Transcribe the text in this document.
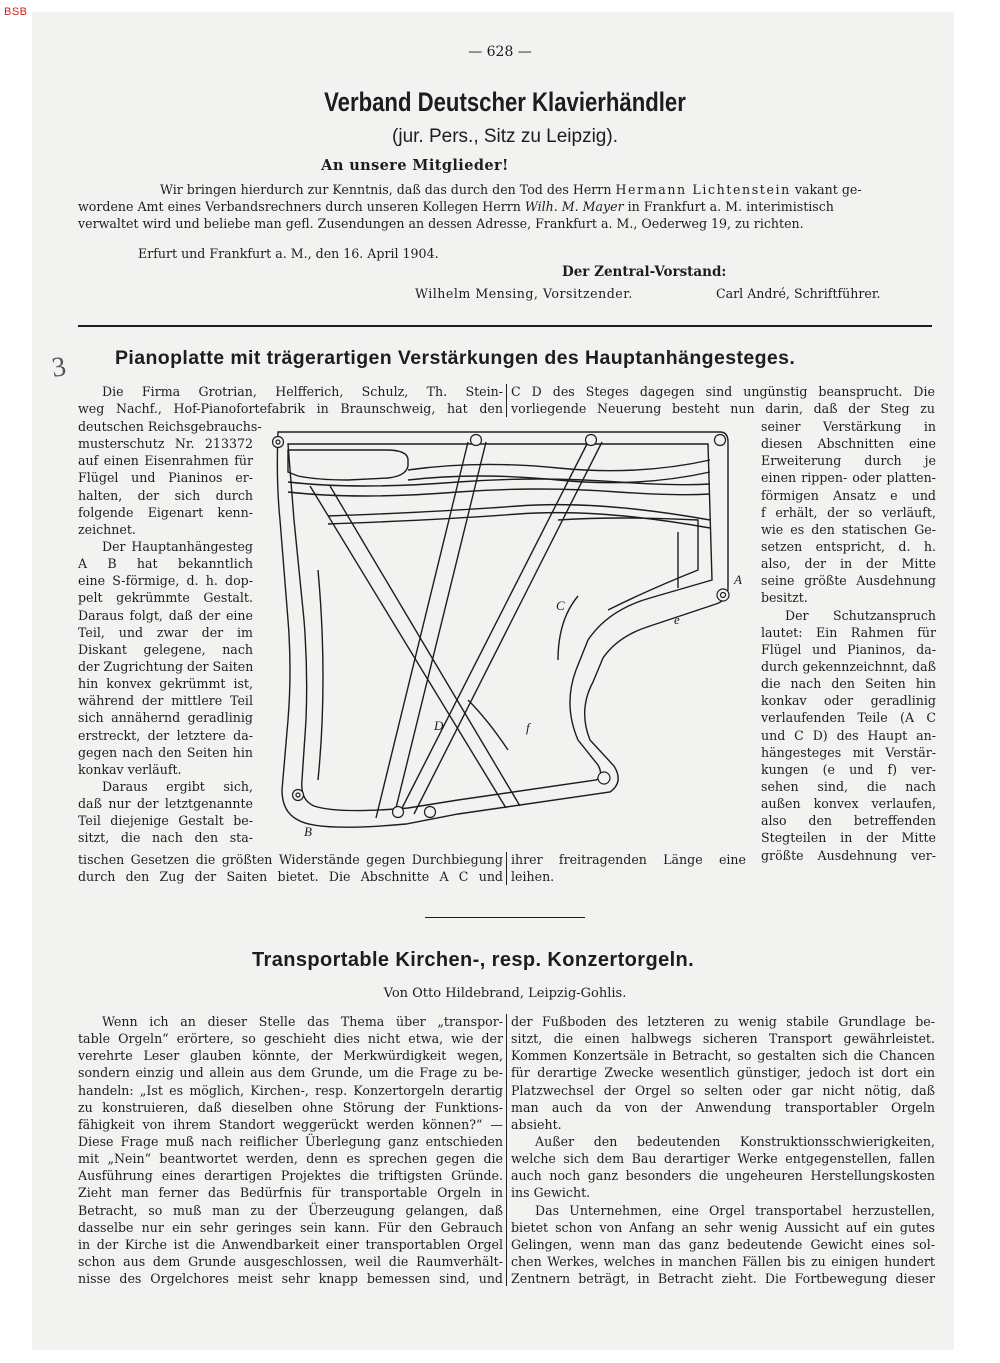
BSB
— 628 —
Verband Deutscher Klavierhändler
(jur. Pers., Sitz zu Leipzig).
An unsere Mitglieder!
Wir bringen hierdurch zur Kenntnis, daß das durch den Tod des Herrn Hermann Lichtenstein vakant ge-
wordene Amt eines Verbandsrechners durch unseren Kollegen Herrn Wilh. M. Mayer in Frankfurt a. M. interimistisch
verwaltet wird und beliebe man gefl. Zusendungen an dessen Adresse, Frankfurt a. M., Oederweg 19, zu richten.
Erfurt und Frankfurt a. M., den 16. April 1904.
Der Zentral-Vorstand:
Wilhelm Mensing, Vorsitzender.	Carl André, Schriftführer.
3 Pianoplatte mit trägerartigen Verstärkungen des Hauptanhängesteges.
Die Firma Grotrian, Helfferich, Schulz, Th. Stein-
weg Nachf., Hof-Pianofortefabrik in Braunschweig, hat den
C D des Steges dagegen sind ungünstig beansprucht. Die
vorliegende Neuerung besteht nun darin, daß der Steg zu
deutschen Reichsgebrauchs-
musterschutz Nr. 213372
auf einen Eisenrahmen für
Flügel und Pianinos er-
halten, der sich durch
folgende Eigenart kenn-
zeichnet.
Der Hauptanhängesteg
A B hat bekanntlich
eine S-förmige, d. h. dop-
pelt gekrümmte Gestalt.
Daraus folgt, daß der eine
Teil, und zwar der im
Diskant gelegene, nach
der Zugrichtung der Saiten
hin konvex gekrümmt ist,
während der mittlere Teil
sich annähernd geradlinig
erstreckt, der letztere da-
gegen nach den Seiten hin
konkav verläuft.
Daraus ergibt sich,
daß nur der letztgenannte
Teil diejenige Gestalt be-
sitzt, die nach den sta-
A
B
C
D
e
f
seiner Verstärkung in
diesen Abschnitten eine
Erweiterung durch je
einen rippen- oder platten-
förmigen Ansatz e und
f erhält, der so verläuft,
wie es den statischen Ge-
setzen entspricht, d. h.
also, der in der Mitte
seine größte Ausdehnung
besitzt.
Der Schutzanspruch
lautet: Ein Rahmen für
Flügel und Pianinos, da-
durch gekennzeichnnt, daß
die nach den Seiten hin
konkav oder geradlinig
verlaufenden Teile (A C
und C D) des Haupt an-
hängesteges mit Verstär-
kungen (e und f) ver-
sehen sind, die nach
außen konvex verlaufen,
also den betreffenden
Stegteilen in der Mitte
größte Ausdehnung ver-
tischen Gesetzen die größten Widerstände gegen Durchbiegung
durch den Zug der Saiten bietet. Die Abschnitte A C und
ihrer freitragenden Länge eine
leihen.
Transportable Kirchen-, resp. Konzertorgeln.
Von Otto Hildebrand, Leipzig-Gohlis.
Wenn ich an dieser Stelle das Thema über „transpor-
table Orgeln“ erörtere, so geschieht dies nicht etwa, wie der
verehrte Leser glauben könnte, der Merkwürdigkeit wegen,
sondern einzig und allein aus dem Grunde, um die Frage zu be-
handeln: „Ist es möglich, Kirchen-, resp. Konzertorgeln derartig
zu konstruieren, daß dieselben ohne Störung der Funktions-
fähigkeit von ihrem Standort weggerückt werden können?“ —
Diese Frage muß nach reiflicher Überlegung ganz entschieden
mit „Nein“ beantwortet werden, denn es sprechen gegen die
Ausführung eines derartigen Projektes die triftigsten Gründe.
Zieht man ferner das Bedürfnis für transportable Orgeln in
Betracht, so muß man zu der Überzeugung gelangen, daß
dasselbe nur ein sehr geringes sein kann. Für den Gebrauch
in der Kirche ist die Anwendbarkeit einer transportablen Orgel
schon aus dem Grunde ausgeschlossen, weil die Raumverhält-
nisse des Orgelchores meist sehr knapp bemessen sind, und
der Fußboden des letzteren zu wenig stabile Grundlage be-
sitzt, die einen halbwegs sicheren Transport gewährleistet.
Kommen Konzertsäle in Betracht, so gestalten sich die Chancen
für derartige Zwecke wesentlich günstiger, jedoch ist dort ein
Platzwechsel der Orgel so selten oder gar nicht nötig, daß
man auch da von der Anwendung transportabler Orgeln
absieht.
Außer den bedeutenden Konstruktionsschwierigkeiten,
welche sich dem Bau derartiger Werke entgegenstellen, fallen
auch noch ganz besonders die ungeheuren Herstellungskosten
ins Gewicht.
Das Unternehmen, eine Orgel transportabel herzustellen,
bietet schon von Anfang an sehr wenig Aussicht auf ein gutes
Gelingen, wenn man das ganz bedeutende Gewicht eines sol-
chen Werkes, welches in manchen Fällen bis zu einigen hundert
Zentnern beträgt, in Betracht zieht. Die Fortbewegung dieser
